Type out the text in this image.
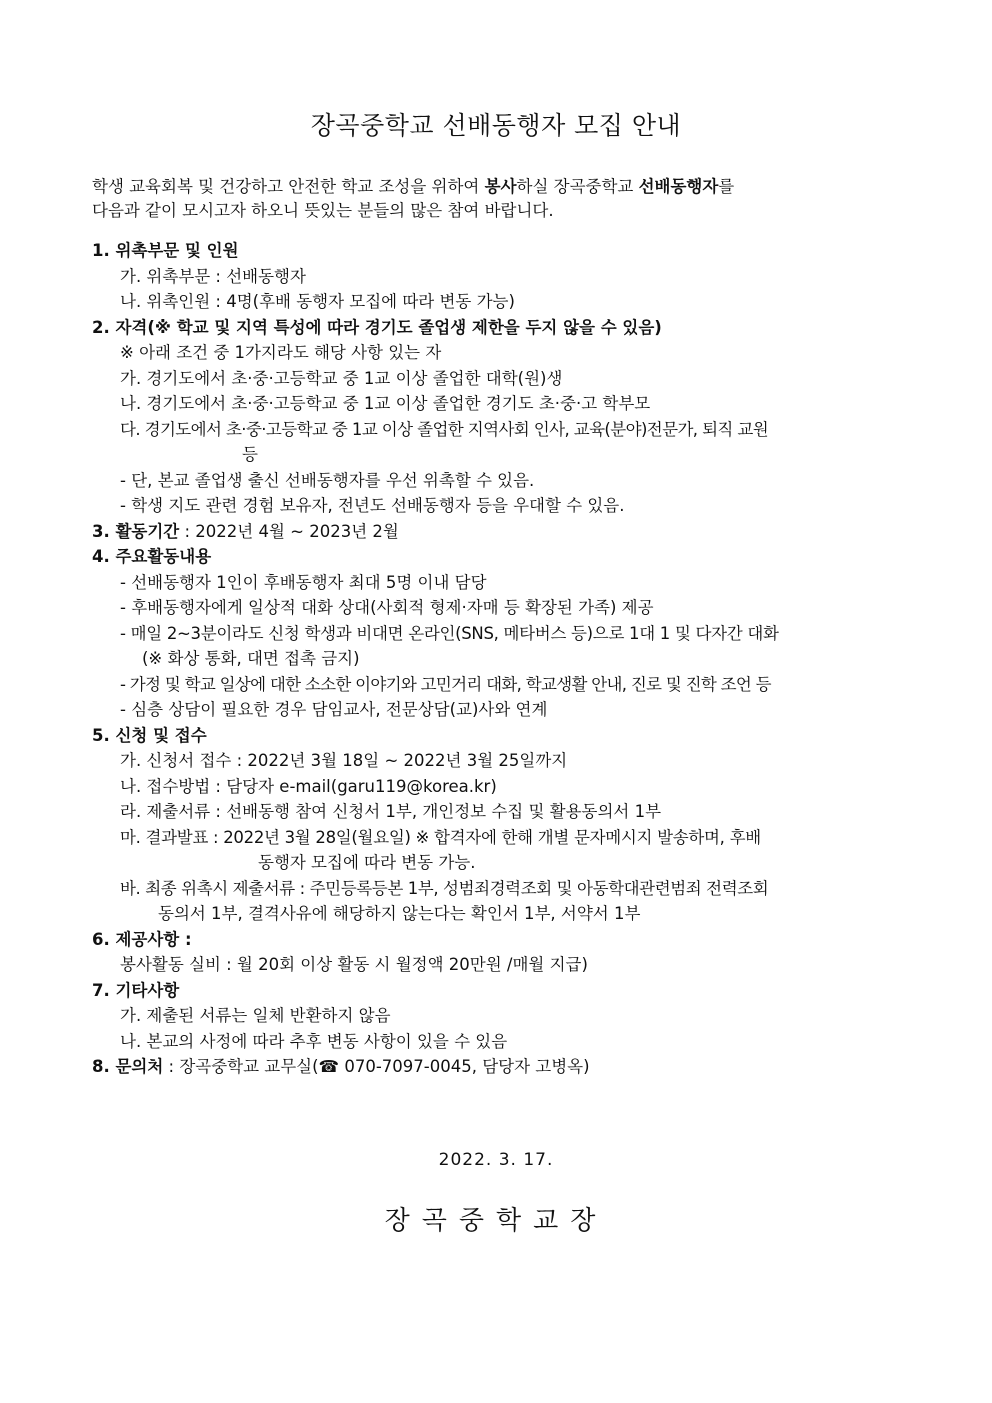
장곡중학교 선배동행자 모집 안내
학생 교육회복 및 건강하고 안전한 학교 조성을 위하여 봉사하실 장곡중학교 선배동행자를
다음과 같이 모시고자 하오니 뜻있는 분들의 많은 참여 바랍니다.
1. 위촉부문 및 인원
가. 위촉부문 : 선배동행자
나. 위촉인원 : 4명(후배 동행자 모집에 따라 변동 가능)
2. 자격(※ 학교 및 지역 특성에 따라 경기도 졸업생 제한을 두지 않을 수 있음)
※ 아래 조건 중 1가지라도 해당 사항 있는 자
가. 경기도에서 초·중·고등학교 중 1교 이상 졸업한 대학(원)생
나. 경기도에서 초·중·고등학교 중 1교 이상 졸업한 경기도 초·중·고 학부모
다. 경기도에서 초·중·고등학교 중 1교 이상 졸업한 지역사회 인사, 교육(분야)전문가, 퇴직 교원
등
- 단, 본교 졸업생 출신 선배동행자를 우선 위촉할 수 있음.
- 학생 지도 관련 경험 보유자, 전년도 선배동행자 등을 우대할 수 있음.
3. 활동기간 : 2022년 4월 ~ 2023년 2월
4. 주요활동내용
- 선배동행자 1인이 후배동행자 최대 5명 이내 담당
- 후배동행자에게 일상적 대화 상대(사회적 형제·자매 등 확장된 가족) 제공
- 매일 2~3분이라도 신청 학생과 비대면 온라인(SNS, 메타버스 등)으로 1대 1 및 다자간 대화
(※ 화상 통화, 대면 접촉 금지)
- 가정 및 학교 일상에 대한 소소한 이야기와 고민거리 대화, 학교생활 안내, 진로 및 진학 조언 등
- 심층 상담이 필요한 경우 담임교사, 전문상담(교)사와 연계
5. 신청 및 접수
가. 신청서 접수 : 2022년 3월 18일 ~ 2022년 3월 25일까지
나. 접수방법 : 담당자 e-mail(garu119@korea.kr)
라. 제출서류 : 선배동행 참여 신청서 1부, 개인정보 수집 및 활용동의서 1부
마. 결과발표 : 2022년 3월 28일(월요일) ※ 합격자에 한해 개별 문자메시지 발송하며, 후배
동행자 모집에 따라 변동 가능.
바. 최종 위촉시 제출서류 : 주민등록등본 1부, 성범죄경력조회 및 아동학대관련범죄 전력조회
동의서 1부, 결격사유에 해당하지 않는다는 확인서 1부, 서약서 1부
6. 제공사항 :
봉사활동 실비 : 월 20회 이상 활동 시 월정액 20만원 /매월 지급)
7. 기타사항
가. 제출된 서류는 일체 반환하지 않음
나. 본교의 사정에 따라 추후 변동 사항이 있을 수 있음
8. 문의처 : 장곡중학교 교무실(☎ 070-7097-0045, 담당자 고병옥)
2022. 3. 17.
장곡중학교장
